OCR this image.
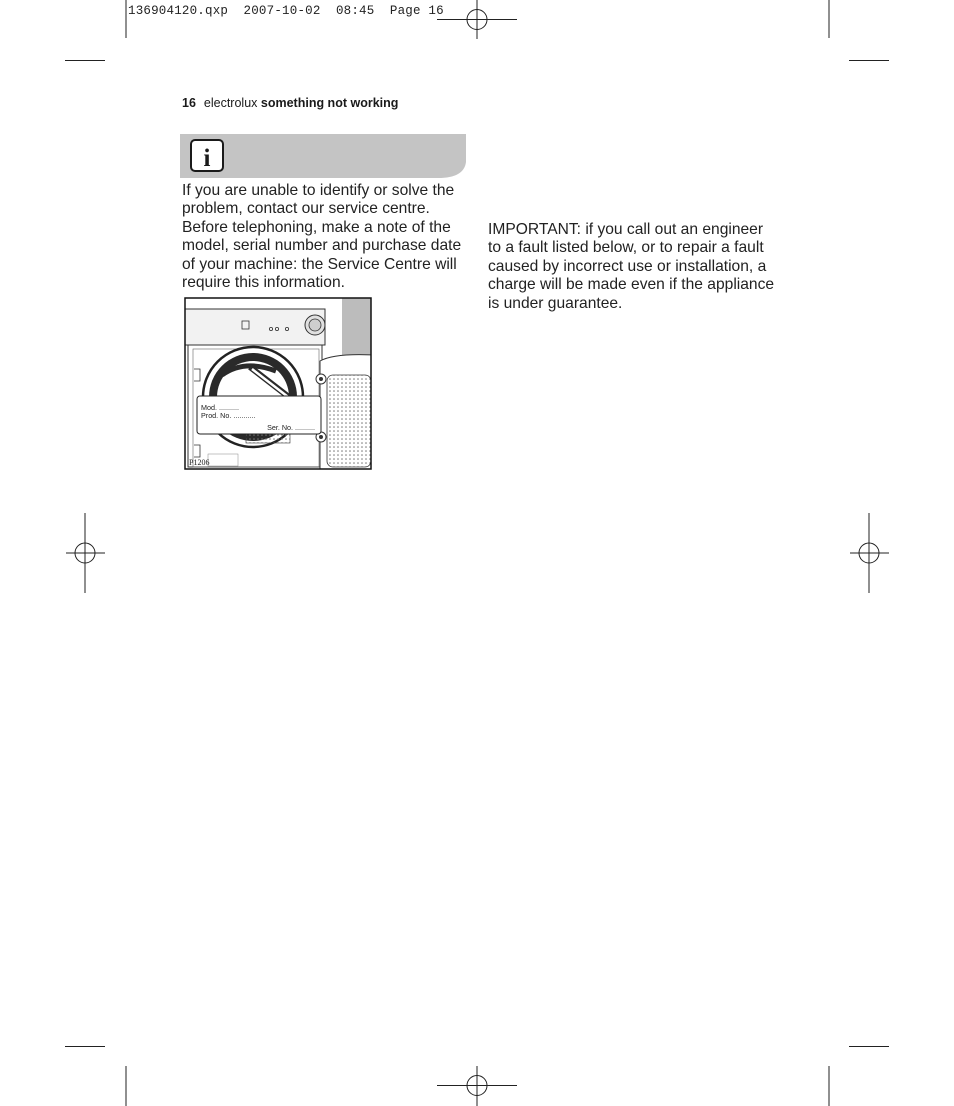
136904120.qxp 2007-10-02 08:45 Page 16
16 electrolux something not working
i

If you are unable to identify or solve the problem, contact our service centre. Before telephoning, make a note of the model, serial number and purchase date of your machine: the Service Centre will require this information.

IMPORTANT: if you call out an engineer to a fault listed below, or to repair a fault caused by incorrect use or installation, a charge will be made even if the appliance is under guarantee.

Mod. ..........
Prod. No. ...........
Ser. No. ..........
P1206
